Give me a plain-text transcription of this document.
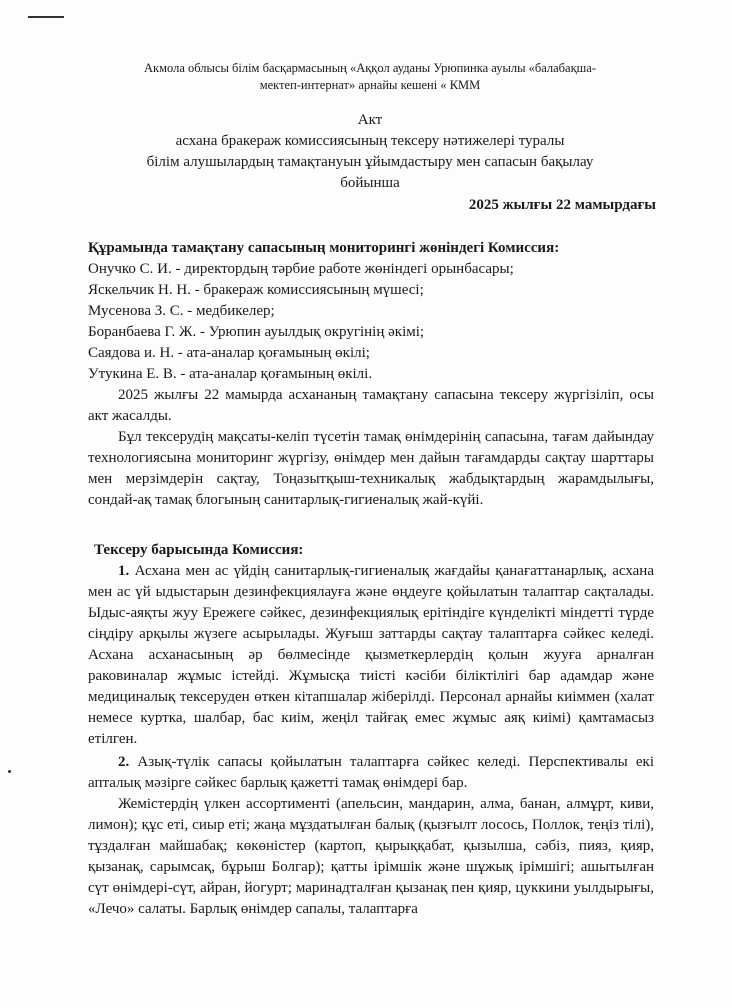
Акмола облысы білім басқармасының «Аққол ауданы Урюпинка ауылы «балабақша-
мектеп-интернат» арнайы кешені « КММ
Акт
асхана бракераж комиссиясының тексеру нәтижелері туралы
білім алушылардың тамақтануын ұйымдастыру мен сапасын бақылау
бойынша
2025 жылғы 22 мамырдағы

Құрамында тамақтану сапасының мониторингі жөніндегі Комиссия:

Онучко С. И. - директордың тәрбие работе жөніндегі орынбасары;

Яскельчик Н. Н. - бракераж комиссиясының мүшесі;

Мусенова З. С. - медбикелер;

Боранбаева Г. Ж. - Урюпин ауылдық округінің әкімі;

Саядова и. Н. - ата-аналар қоғамының өкілі;

Утукина Е. В. - ата-аналар қоғамының өкілі.

2025 жылғы 22 мамырда асхананың тамақтану сапасына тексеру жүргізіліп, осы акт жасалды.

Бұл тексерудің мақсаты-келіп түсетін тамақ өнімдерінің сапасына, тағам дайындау технологиясына мониторинг жүргізу, өнімдер мен дайын тағамдарды сақтау шарттары мен мерзімдерін сақтау, Тоңазытқыш-техникалық жабдықтардың жарамдылығы, сондай-ақ тамақ блогының санитарлық-гигиеналық жай-күйі.

Тексеру барысында Комиссия:

1. Асхана мен ас үйдің санитарлық-гигиеналық жағдайы қанағаттанарлық, асхана мен ас үй ыдыстарын дезинфекциялауға және өңдеуге қойылатын талаптар сақталады. Ыдыс-аяқты жуу Ережеге сәйкес, дезинфекциялық ерітіндіге күнделікті міндетті түрде сіңдіру арқылы жүзеге асырылады. Жуғыш заттарды сақтау талаптарға сәйкес келеді. Асхана асханасының әр бөлмесінде қызметкерлердің қолын жууға арналған раковиналар жұмыс істейді. Жұмысқа тиісті кәсіби біліктілігі бар адамдар және медициналық тексеруден өткен кітапшалар жіберілді. Персонал арнайы киіммен (халат немесе куртка, шалбар, бас киім, жеңіл тайғақ емес жұмыс аяқ киімі) қамтамасыз етілген.

2. Азық-түлік сапасы қойылатын талаптарға сәйкес келеді. Перспективалы екі апталық мәзірге сәйкес барлық қажетті тамақ өнімдері бар.

Жемістердің үлкен ассортименті (апельсин, мандарин, алма, банан, алмұрт, киви, лимон); құс еті, сиыр еті; жаңа мұздатылған балық (қызғылт лосось, Поллок, теңіз тілі), тұздалған майшабақ; көкөністер (картоп, қырыққабат, қызылша, сәбіз, пияз, қияр, қызанақ, сарымсақ, бұрыш Болгар); қатты ірімшік және шұжық ірімшігі; ашытылған сүт өнімдері-сүт, айран, йогурт; маринадталған қызанақ пен қияр, цуккини уылдырығы, «Лечо» салаты. Барлық өнімдер сапалы, талаптарға
